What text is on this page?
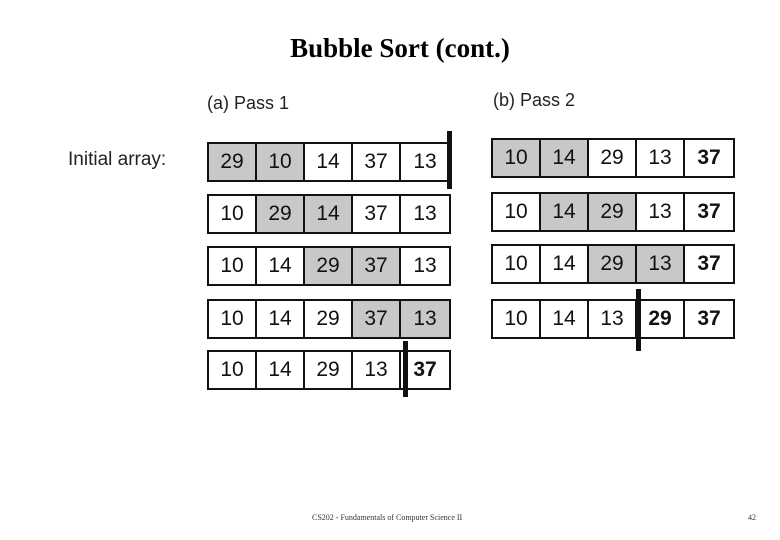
Bubble Sort (cont.)
(a) Pass 1	(b) Pass 2
Initial array:	29	10	14	37	13
10	29	14	37	13
10	14	29	37	13
10	14	29	37	13
10	14	29	13	37
10	14	29	13	37
10	14	29	13	37
10	14	29	13	37
10	14	13	29	37
CS202 - Fundamentals of Computer Science II	42
